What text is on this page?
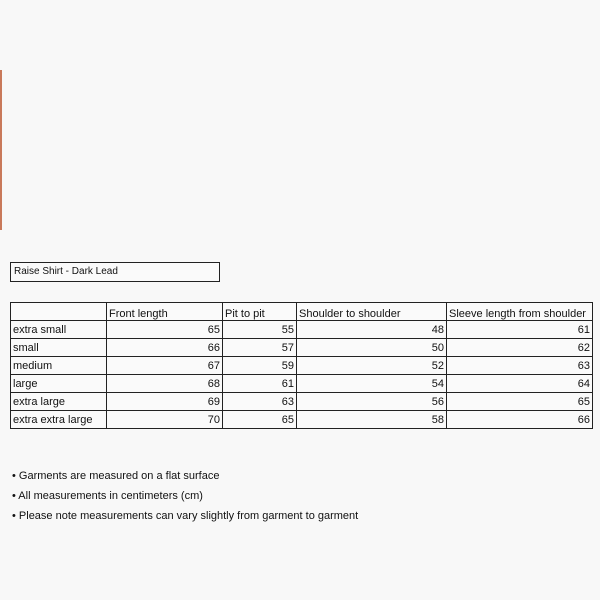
Raise Shirt - Dark Lead
	Front length	Pit to pit	Shoulder to shoulder	Sleeve length from shoulder
extra small	65	55	48	61
small	66	57	50	62
medium	67	59	52	63
large	68	61	54	64
extra large	69	63	56	65
extra extra large	70	65	58	66
• Garments are measured on a flat surface
• All measurements in centimeters (cm)
• Please note measurements can vary slightly from garment to garment
